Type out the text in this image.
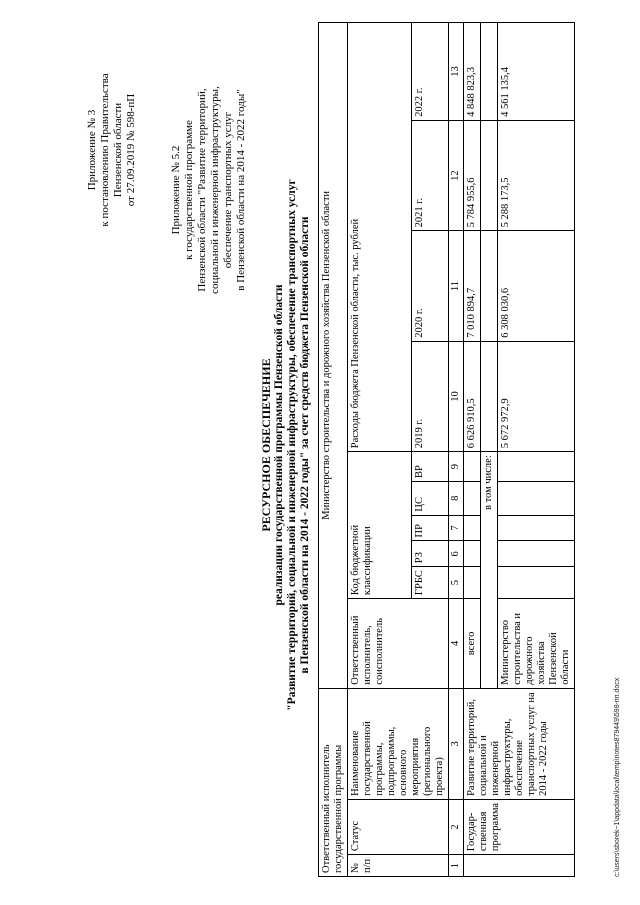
Приложение № 3 к постановлению Правительства Пензенской области от 27.09.2019 № 598-пП	Приложение № 5.2 к государственной программе Пензенской области "Развитие территорий, социальной и инженерной инфраструктуры, обеспечение транспортных услуг в Пензенской области на 2014 - 2022 годы"
РЕСУРСНОЕ ОБЕСПЕЧЕНИЕ реализации государственной программы Пензенской области "Развитие территорий, социальной и инженерной инфраструктуры, обеспечение транспортных услуг в Пензенской области на 2014 - 2022 годы" за счет средств бюджета Пензенской области
Ответственный исполнитель государственной программы			Министерство строительства и дорожного хозяйства Пензенской области									
№ п/п	Статус	Наименование государственной программы, подпрограммы, основного мероприятия (регионального проекта)	Ответственный исполнитель, соисполнитель	Код бюджетной классификации					Расходы бюджета Пензенской области, тыс. рублей			
				ГРБС	РЗ	ПР	ЦС	ВР	2019 г.	2020 г.	2021 г.	2022 г.
1	2	3	4	5	6	7	8	9	10	11	12	13
	Государ-ственная программа	Развитие территорий, социальной и инженерной инфраструктуры, обеспечение транспортных услуг на 2014 - 2022 годы	всего						6 626 910,5	7 010 894,7	5 784 955,6	4 848 823,3
			в том числе:									
			Министерство строительства и дорожного хозяйства Пензенской области						5 672 972,9	6 308 030,6	5 288 173,5	4 561 135,4
c:\users\sborek~1\appdata\local\temp\notes879449\598-пп.docx
